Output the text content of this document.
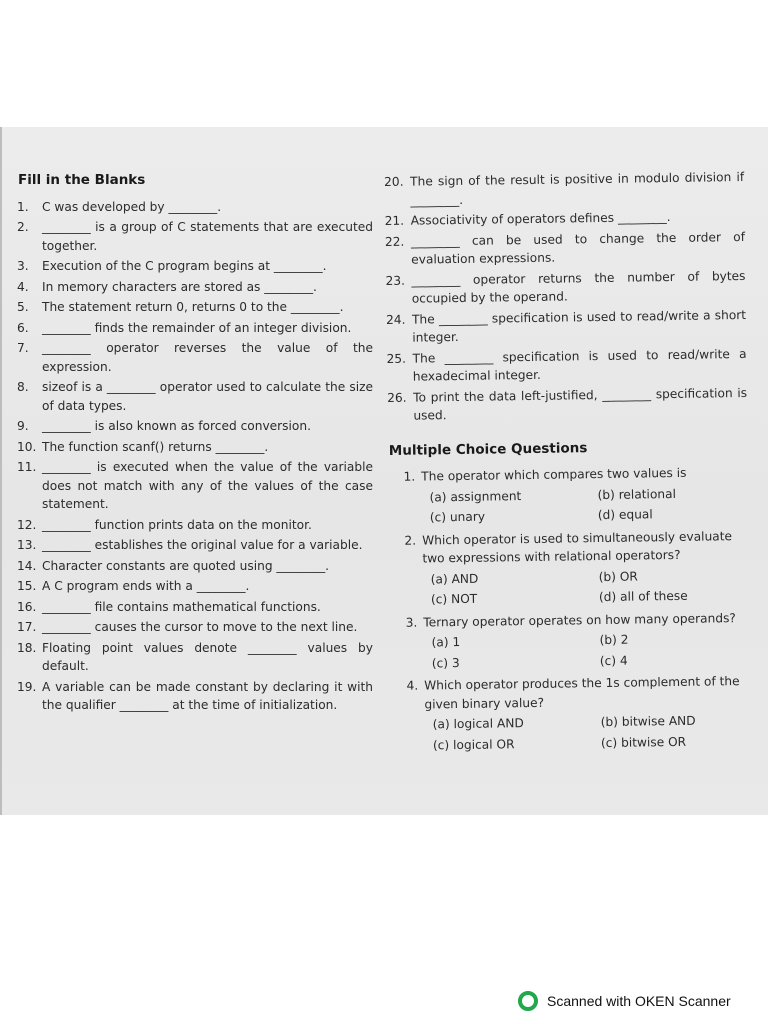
Fill in the Blanks
1.	C was developed by ________.
2.	________ is a group of C statements that are executed together.
3.	Execution of the C program begins at ________.
4.	In memory characters are stored as ________.
5.	The statement return 0, returns 0 to the ________.
6.	________ finds the remainder of an integer division.
7.	________ operator reverses the value of the expression.
8.	sizeof is a ________ operator used to calculate the size of data types.
9.	________ is also known as forced conversion.
10. The function scanf() returns ________.
11. ________ is executed when the value of the variable does not match with any of the values of the case statement.
12. ________ function prints data on the monitor.
13. ________ establishes the original value for a variable.
14. Character constants are quoted using ________.
15. A C program ends with a ________.
16. ________ file contains mathematical functions.
17. ________ causes the cursor to move to the next line.
18. Floating point values denote ________ values by default.
19. A variable can be made constant by declaring it with the qualifier ________ at the time of initialization.
20. The sign of the result is positive in modulo division if ________.
21. Associativity of operators defines ________.
22. ________ can be used to change the order of evaluation expressions.
23. ________ operator returns the number of bytes occupied by the operand.
24. The ________ specification is used to read/write a short integer.
25. The ________ specification is used to read/write a hexadecimal integer.
26. To print the data left-justified, ________ specification is used.
Multiple Choice Questions
1. The operator which compares two values is
(a) assignment	(b) relational
(c) unary	(d) equal
2. Which operator is used to simultaneously evaluate two expressions with relational operators?
(a) AND	(b) OR
(c) NOT	(d) all of these
3. Ternary operator operates on how many operands?
(a) 1	(b) 2
(c) 3	(c) 4
4. Which operator produces the 1s complement of the given binary value?
(a) logical AND	(b) bitwise AND
(c) logical OR	(c) bitwise OR
Scanned with OKEN Scanner
